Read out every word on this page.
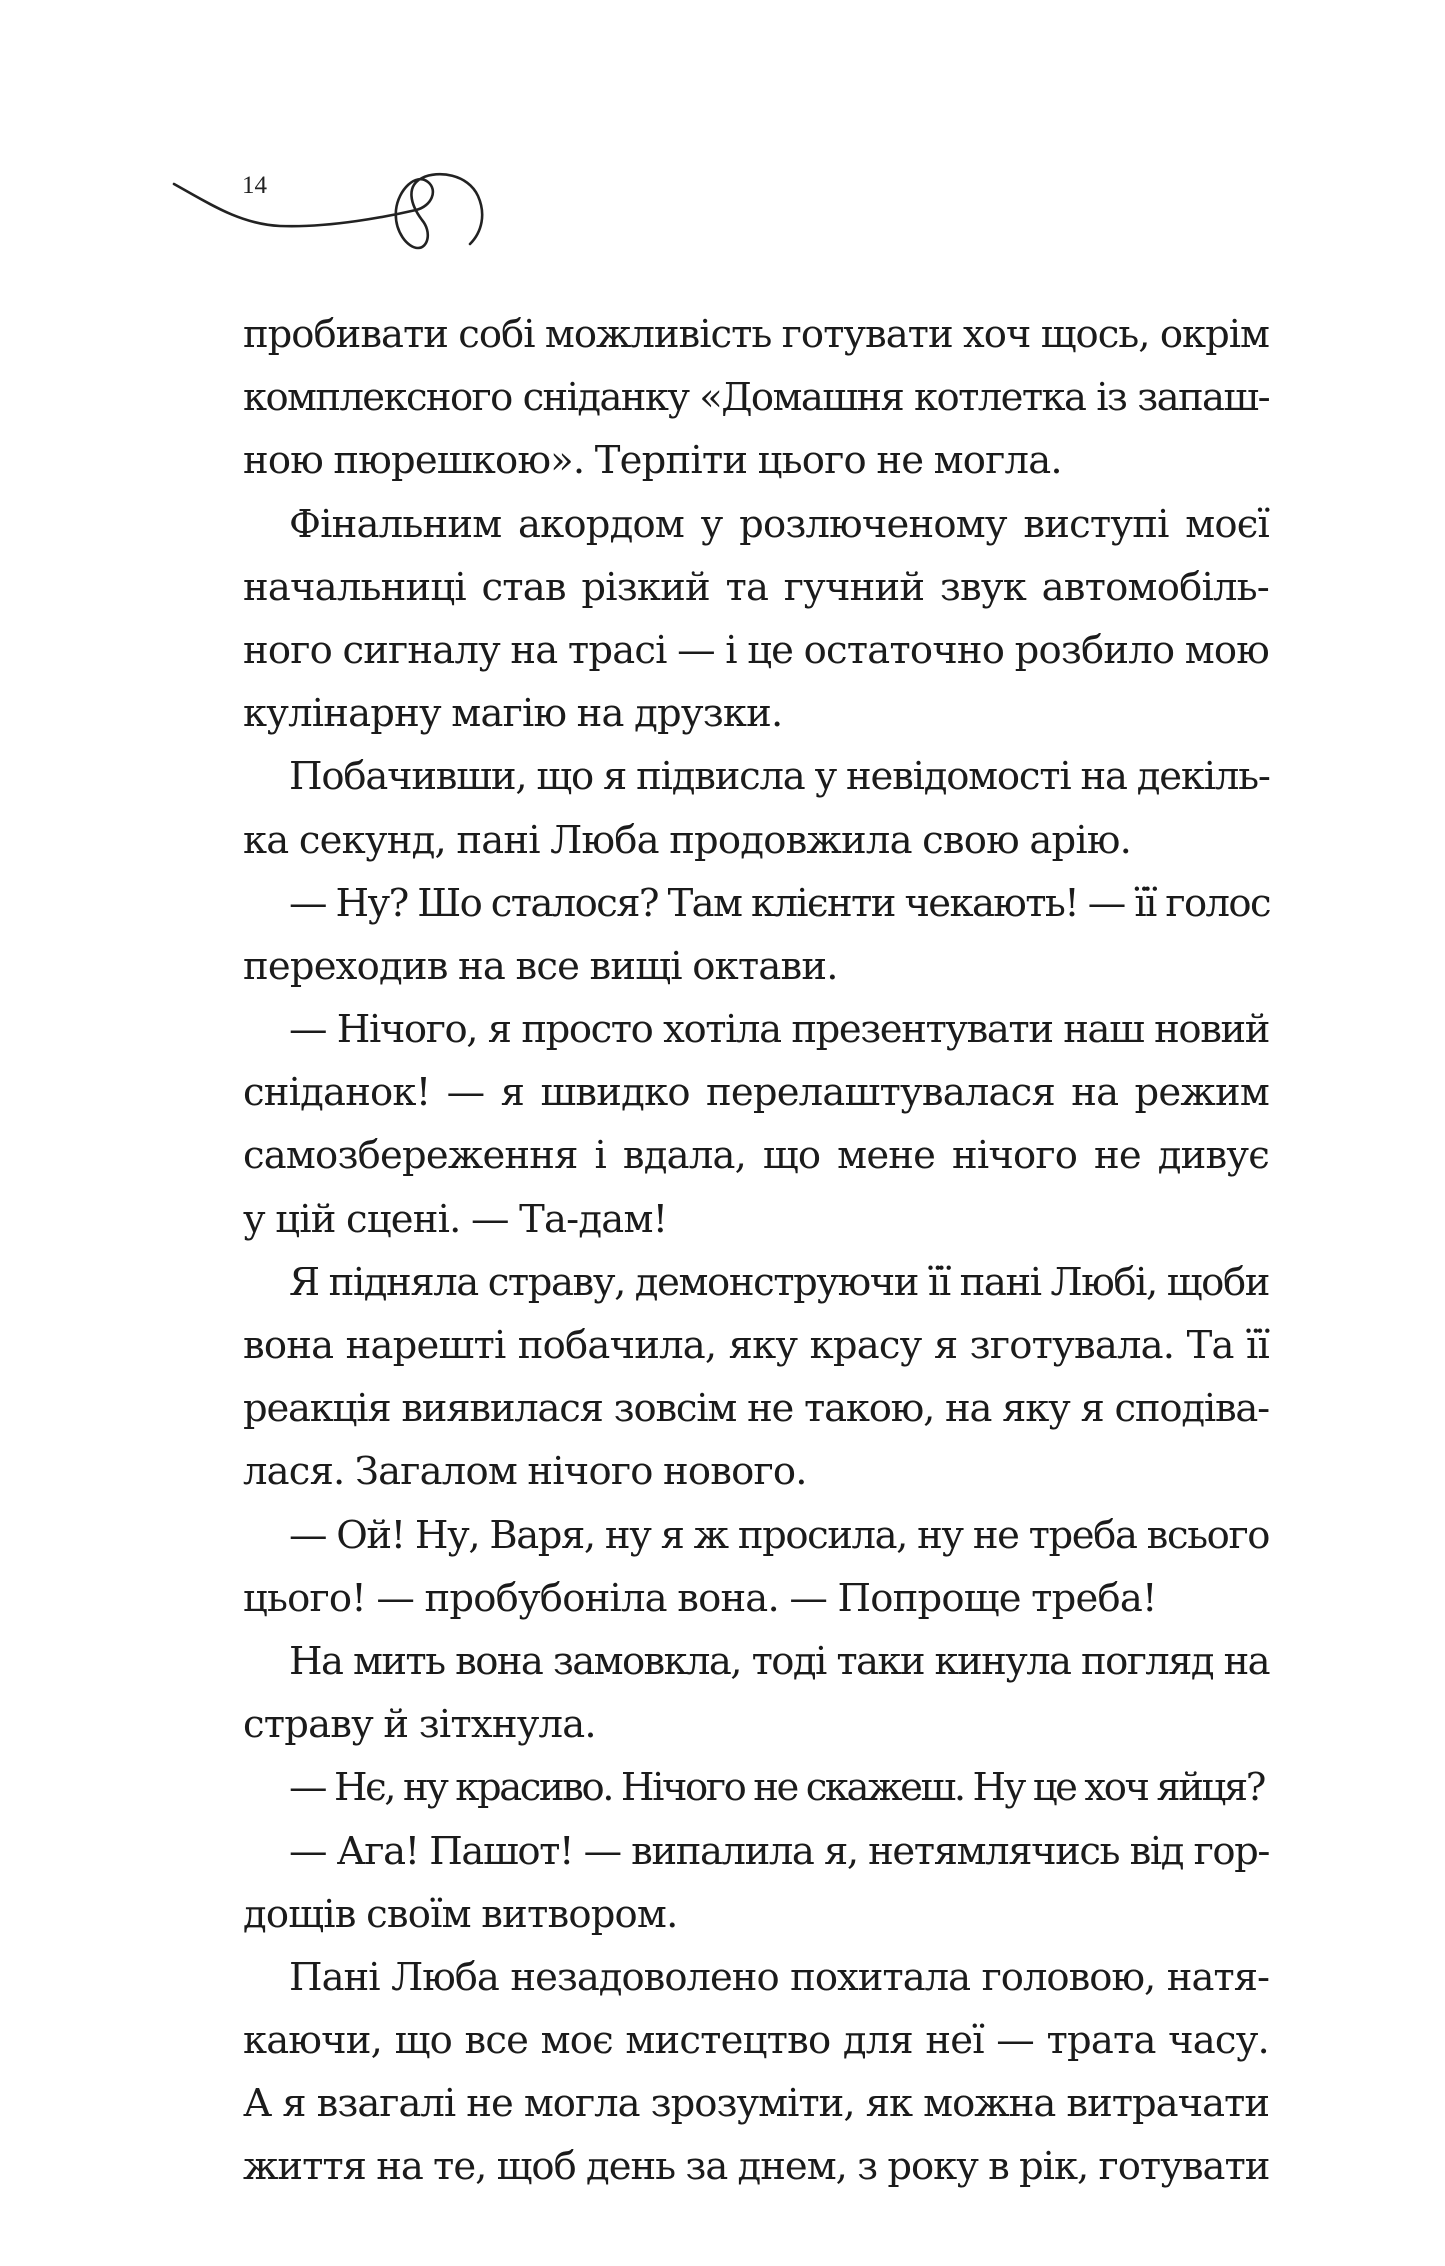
14
пробивати собі можливість готувати хоч щось, окрім
комплексного сніданку «Домашня котлетка із запаш-
ною пюрешкою». Терпіти цього не могла.
Фінальним акордом у розлюченому виступі моєї
начальниці став різкий та гучний звук автомобіль-
ного сигналу на трасі — і це остаточно розбило мою
кулінарну магію на друзки.
Побачивши, що я підвисла у невідомості на декіль-
ка секунд, пані Люба продовжила свою арію.
— Ну? Шо сталося? Там клієнти чекають! — її голос
переходив на все вищі октави.
— Нічого, я просто хотіла презентувати наш новий
сніданок! — я швидко перелаштувалася на режим
самозбереження і вдала, що мене нічого не дивує
у цій сцені. — Та-дам!
Я підняла страву, демонструючи її пані Любі, щоби
вона нарешті побачила, яку красу я зготувала. Та її
реакція виявилася зовсім не такою, на яку я сподіва-
лася. Загалом нічого нового.
— Ой! Ну, Варя, ну я ж просила, ну не треба всього
цього! — пробубоніла вона. — Попроще треба!
На мить вона замовкла, тоді таки кинула погляд на
страву й зітхнула.
— Нє, ну красиво. Нічого не скажеш. Ну це хоч яйця?
— Ага! Пашот! — випалила я, нетямлячись від гор-
дощів своїм витвором.
Пані Люба незадоволено похитала головою, натя-
каючи, що все моє мистецтво для неї — трата часу.
А я взагалі не могла зрозуміти, як можна витрачати
життя на те, щоб день за днем, з року в рік, готувати
